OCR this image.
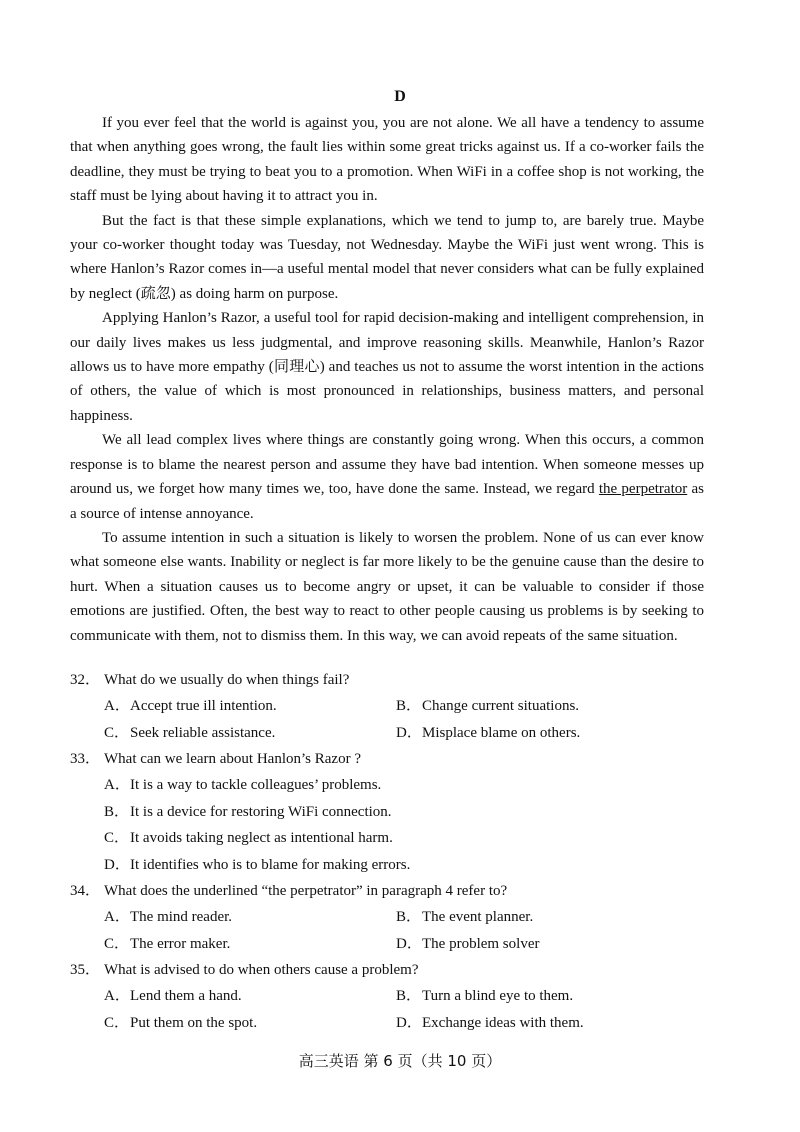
D

If you ever feel that the world is against you, you are not alone. We all have a tendency to assume that when anything goes wrong, the fault lies within some great tricks against us. If a co-worker fails the deadline, they must be trying to beat you to a promotion. When WiFi in a coffee shop is not working, the staff must be lying about having it to attract you in.

But the fact is that these simple explanations, which we tend to jump to, are barely true. Maybe your co-worker thought today was Tuesday, not Wednesday. Maybe the WiFi just went wrong. This is where Hanlon’s Razor comes in—a useful mental model that never considers what can be fully explained by neglect (疏忽) as doing harm on purpose.

Applying Hanlon’s Razor, a useful tool for rapid decision-making and intelligent comprehension, in our daily lives makes us less judgmental, and improve reasoning skills. Meanwhile, Hanlon’s Razor allows us to have more empathy (同理心) and teaches us not to assume the worst intention in the actions of others, the value of which is most pronounced in relationships, business matters, and personal happiness.

We all lead complex lives where things are constantly going wrong. When this occurs, a common response is to blame the nearest person and assume they have bad intention. When someone messes up around us, we forget how many times we, too, have done the same. Instead, we regard the perpetrator as a source of intense annoyance.

To assume intention in such a situation is likely to worsen the problem. None of us can ever know what someone else wants. Inability or neglect is far more likely to be the genuine cause than the desire to hurt. When a situation causes us to become angry or upset, it can be valuable to consider if those emotions are justified. Often, the best way to react to other people causing us problems is by seeking to communicate with them, not to dismiss them. In this way, we can avoid repeats of the same situation.

32． What do we usually do when things fail?
A．Accept true ill intention.	B．Change current situations.
C．Seek reliable assistance.	D．Misplace blame on others.
33． What can we learn about Hanlon’s Razor ?
A．It is a way to tackle colleagues’ problems.
B．It is a device for restoring WiFi connection.
C．It avoids taking neglect as intentional harm.
D．It identifies who is to blame for making errors.
34． What does the underlined “the perpetrator” in paragraph 4 refer to?
A．The mind reader.	B．The event planner.
C．The error maker.	D．The problem solver
35． What is advised to do when others cause a problem?
A．Lend them a hand.	B．Turn a blind eye to them.
C．Put them on the spot.	D．Exchange ideas with them.
高三英语 第 6 页（共 10 页）
